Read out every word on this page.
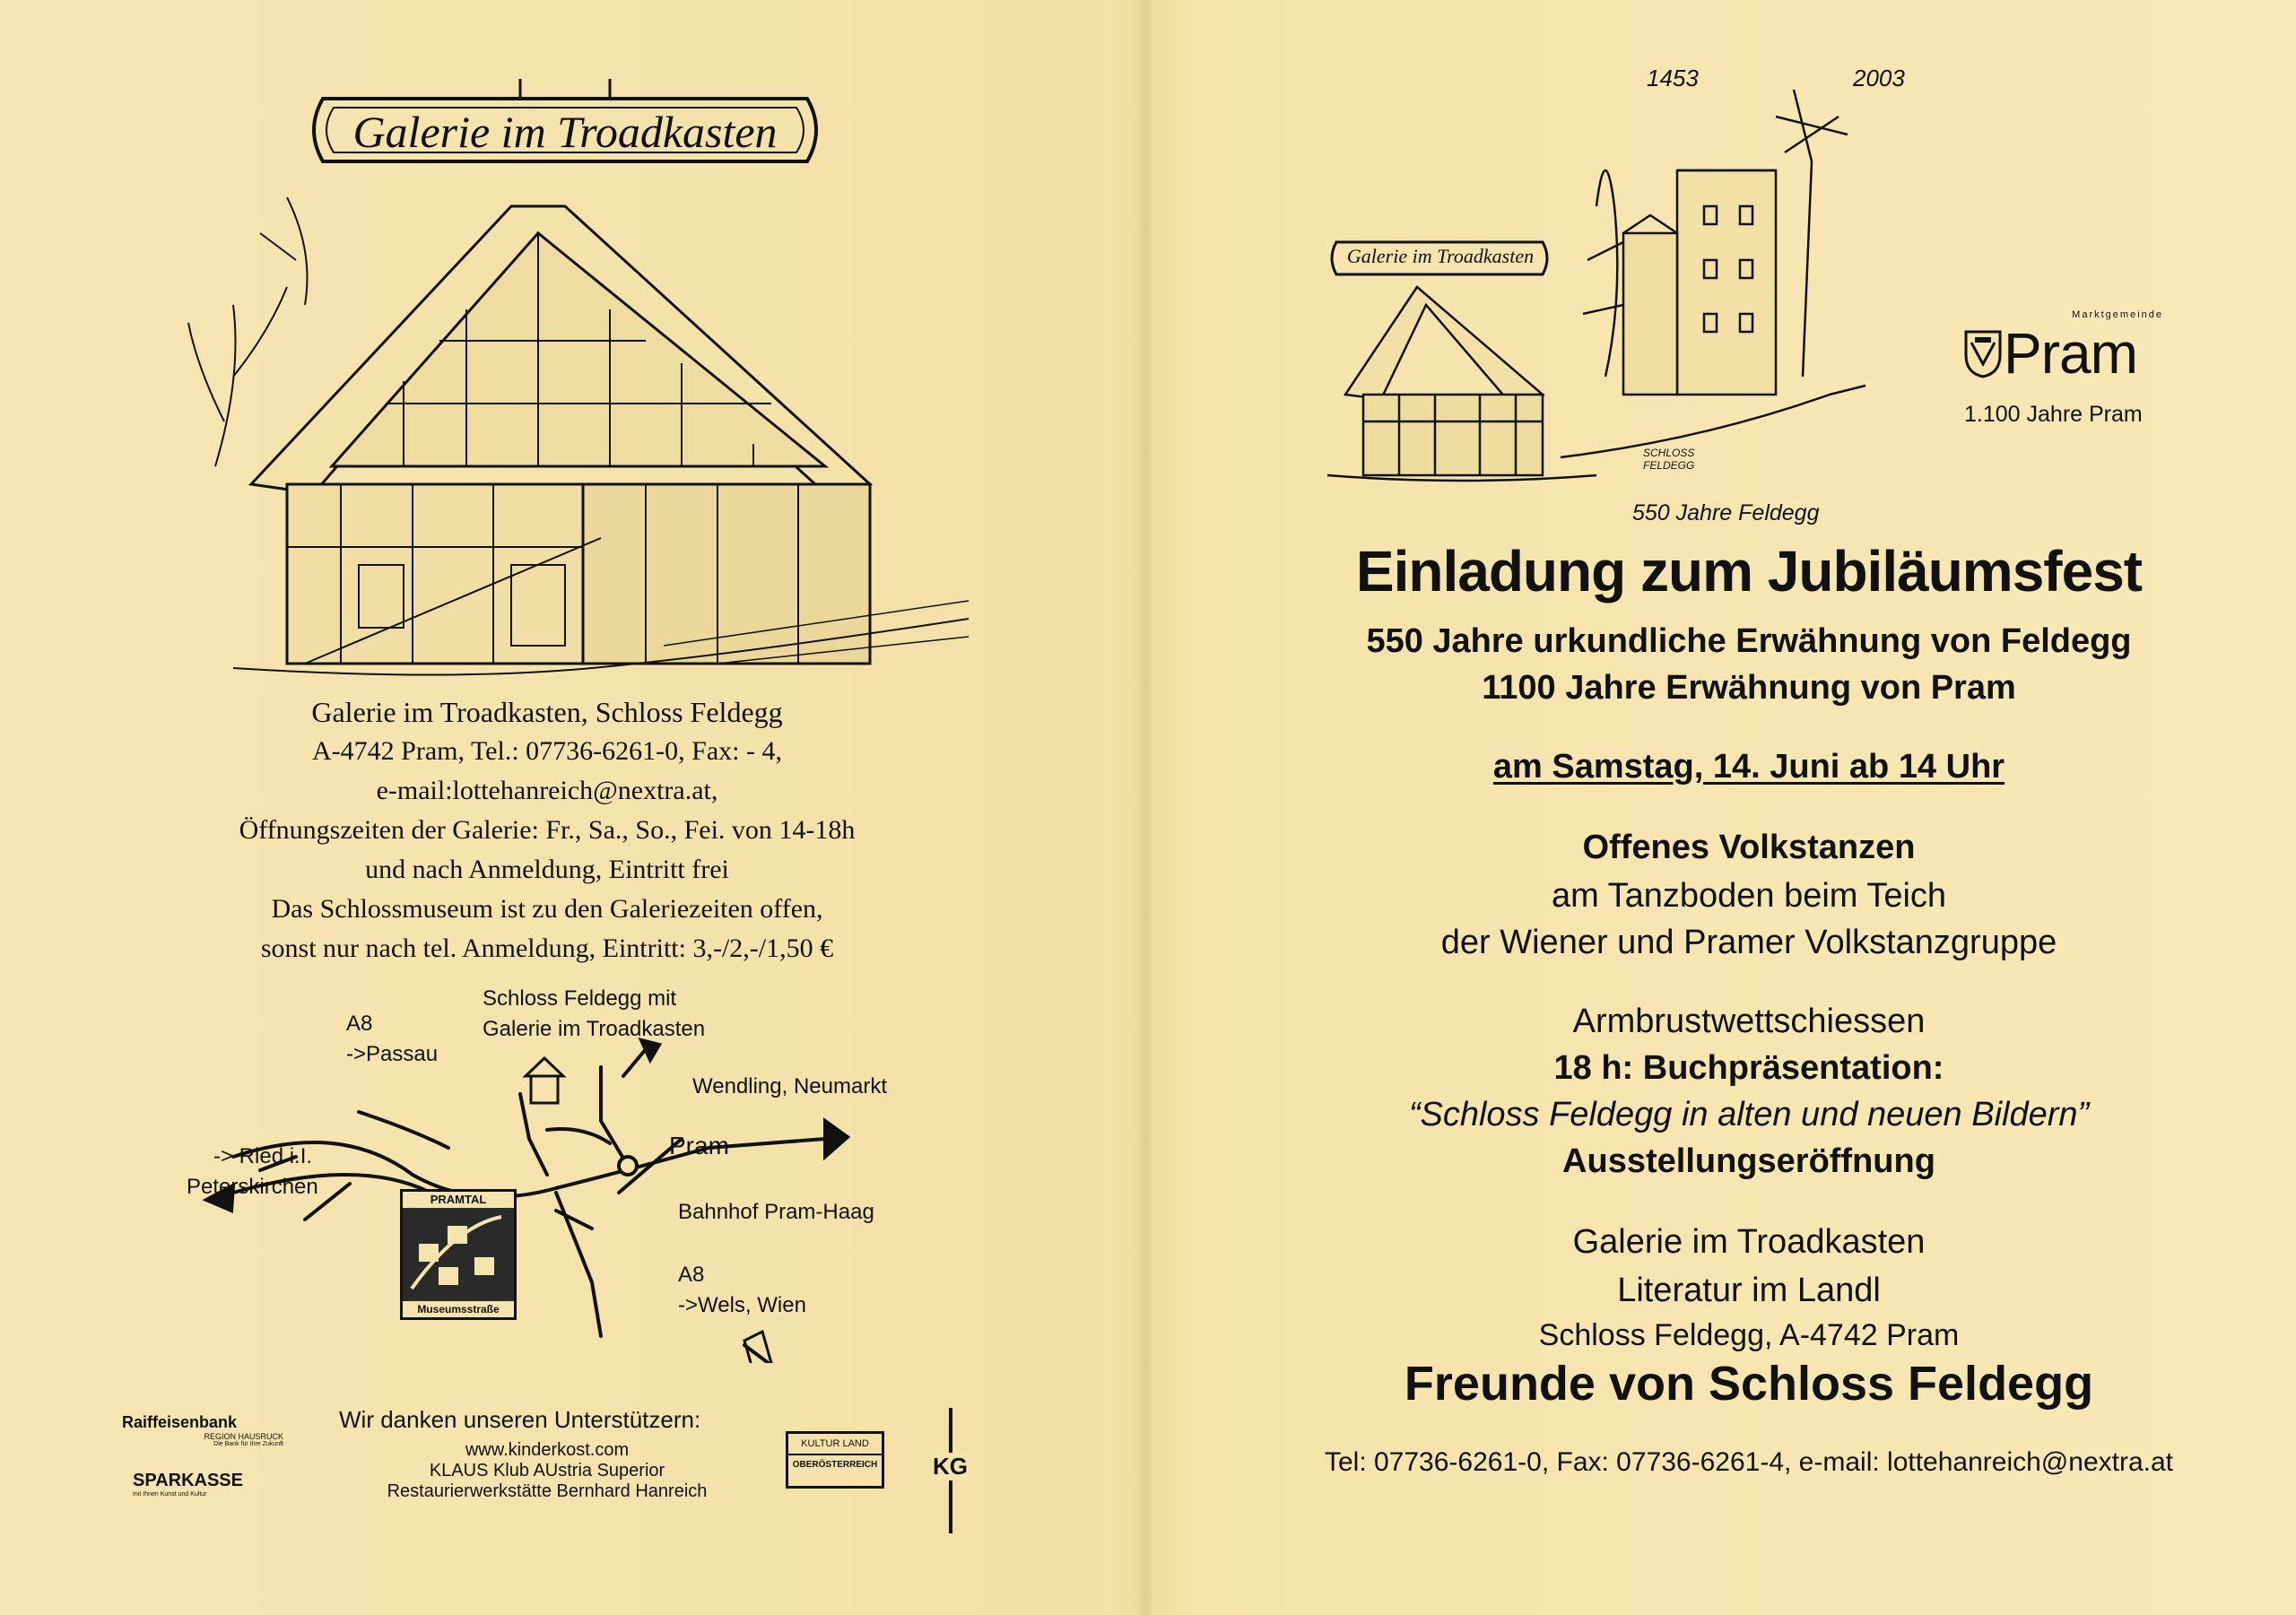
Galerie im Troadkasten
Galerie im Troadkasten, Schloss Feldegg
A-4742 Pram, Tel.: 07736-6261-0, Fax: - 4,
e-mail:lottehanreich@nextra.at,
Öffnungszeiten der Galerie: Fr., Sa., So., Fei. von 14-18h
und nach Anmeldung, Eintritt frei
Das Schlossmuseum ist zu den Galeriezeiten offen,
sonst nur nach tel. Anmeldung, Eintritt: 3,-/2,-/1,50 €
Schloss Feldegg mit
Galerie im Troadkasten
A8
->Passau
Wendling, Neumarkt
Pram
-> Ried i.I.
Peterskirchen
Bahnhof Pram-Haag
A8
->Wels, Wien
PRAMTAL
Museumsstraße
Wir danken unseren Unterstützern:
www.kinderkost.com
KLAUS Klub AUstria Superior
Restaurierwerkstätte Bernhard Hanreich
Raiffeisenbank
REGION HAUSRUCK
Die Bank für Ihre Zukunft
SPARKASSE
mit Ihnen Kunst und Kultur
KULTUR LAND
OBERÖSTERREICH KG
1453	2003
Galerie im Troadkasten
SCHLOSS FELDEGG
550 Jahre Feldegg
Marktgemeinde
Pram
1.100 Jahre Pram
Einladung zum Jubiläumsfest
550 Jahre urkundliche Erwähnung von Feldegg
1100 Jahre Erwähnung von Pram
am Samstag, 14. Juni ab 14 Uhr
Offenes Volkstanzen
am Tanzboden beim Teich
der Wiener und Pramer Volkstanzgruppe
Armbrustwettschiessen
18 h: Buchpräsentation:
“Schloss Feldegg in alten und neuen Bildern”
Ausstellungseröffnung
Galerie im Troadkasten
Literatur im Landl
Schloss Feldegg, A-4742 Pram
Freunde von Schloss Feldegg
Tel: 07736-6261-0, Fax: 07736-6261-4, e-mail: lottehanreich@nextra.at
